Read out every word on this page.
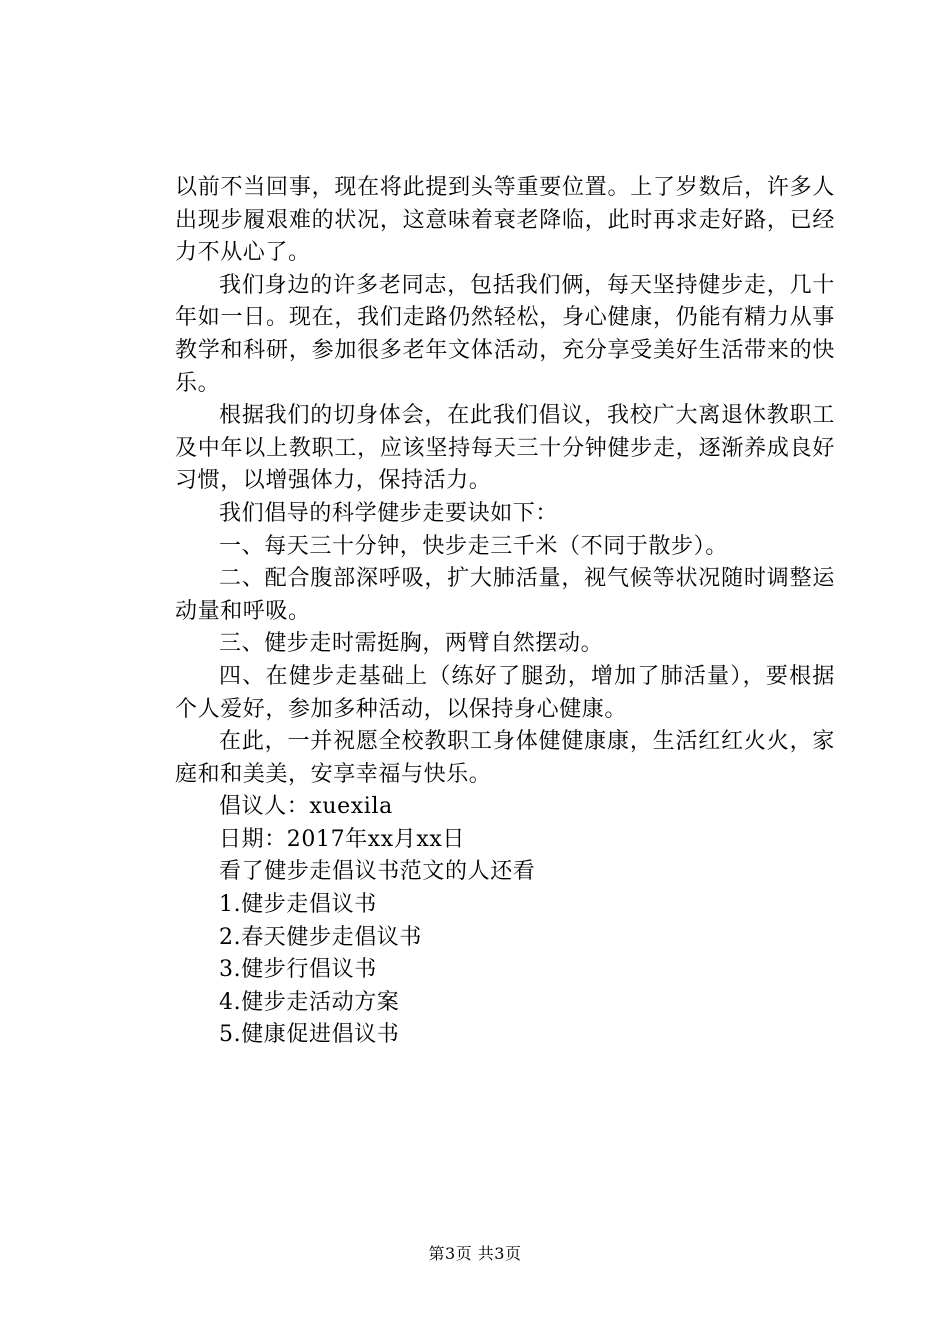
以前不当回事，现在将此提到头等重要位置。上了岁数后，许多人出现步履艰难的状况，这意味着衰老降临，此时再求走好路，已经力不从心了。

我们身边的许多老同志，包括我们俩，每天坚持健步走，几十年如一日。现在，我们走路仍然轻松，身心健康，仍能有精力从事教学和科研，参加很多老年文体活动，充分享受美好生活带来的快乐。

根据我们的切身体会，在此我们倡议，我校广大离退休教职工及中年以上教职工，应该坚持每天三十分钟健步走，逐渐养成良好习惯，以增强体力，保持活力。

我们倡导的科学健步走要诀如下：

一、每天三十分钟，快步走三千米（不同于散步）。

二、配合腹部深呼吸，扩大肺活量，视气候等状况随时调整运动量和呼吸。

三、健步走时需挺胸，两臂自然摆动。

四、在健步走基础上（练好了腿劲，增加了肺活量），要根据个人爱好，参加多种活动，以保持身心健康。

在此，一并祝愿全校教职工身体健健康康，生活红红火火，家庭和和美美，安享幸福与快乐。

倡议人：xuexila

日期：2017年xx月xx日

看了健步走倡议书范文的人还看

1.健步走倡议书
2.春天健步走倡议书
3.健步行倡议书
4.健步走活动方案
5.健康促进倡议书
第3页 共3页
